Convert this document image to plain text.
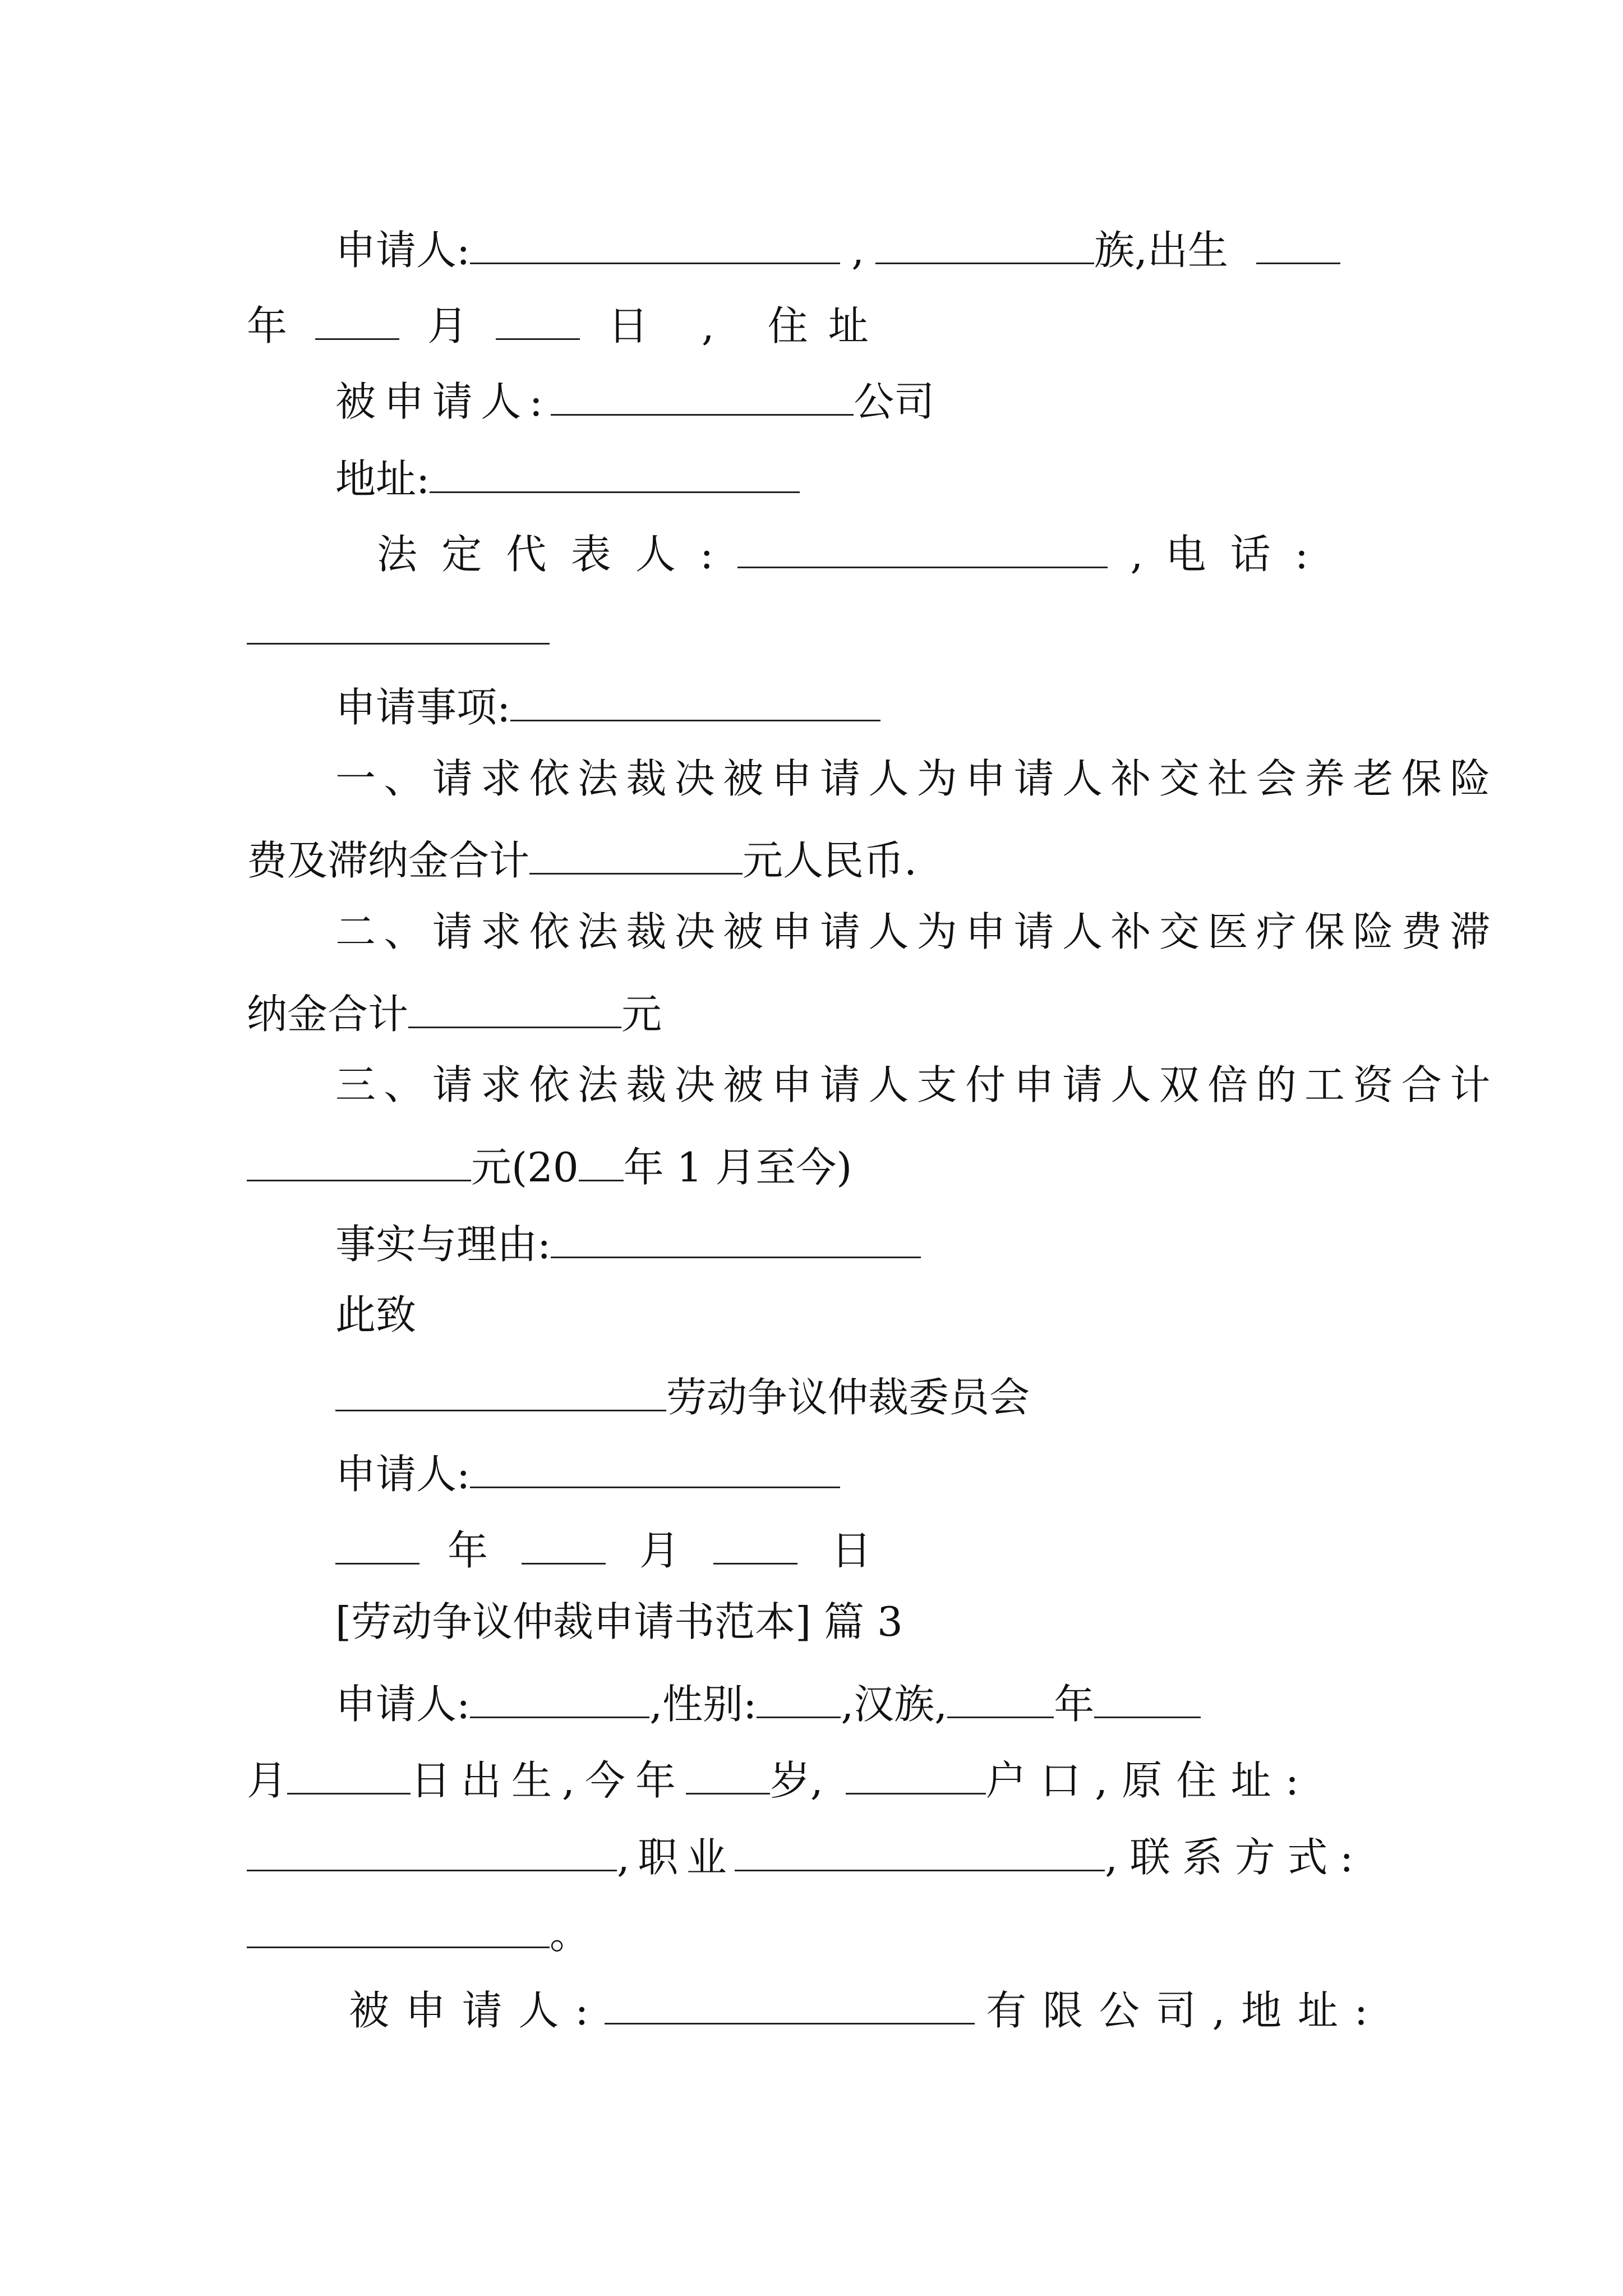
申请人:	,	族,出生
年	月	日 , 住址
被申请人:	公司
地址:
法定代表人:	, 电话:
申请事项:
一、请求依法裁决被申请人为申请人补交社会养老保险
费及滞纳金合计	元人民币.
二、请求依法裁决被申请人为申请人补交医疗保险费滞
纳金合计	元
三、请求依法裁决被申请人支付申请人双倍的工资合计
元(20 年 1 月至今)
事实与理由:
此致
劳动争议仲裁委员会
申请人:
年	月	日
[劳动争议仲裁申请书范本] 篇 3
申请人:	,性别: ,汉族,	年
月	日出生,今年 岁,	户口,原住址:
,职业	,联系方式:
。
被申请人:	有限公司,地址:
